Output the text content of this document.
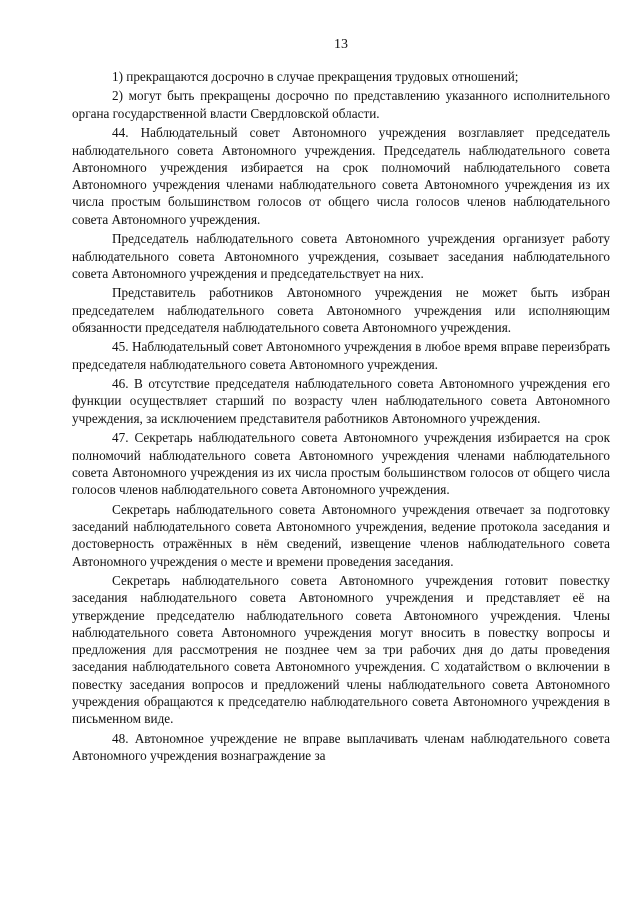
13

1) прекращаются досрочно в случае прекращения трудовых отношений;

2) могут быть прекращены досрочно по представлению указанного исполнительного органа государственной власти Свердловской области.

44. Наблюдательный совет Автономного учреждения возглавляет председатель наблюдательного совета Автономного учреждения. Председатель наблюдательного совета Автономного учреждения избирается на срок полномочий наблюдательного совета Автономного учреждения членами наблюдательного совета Автономного учреждения из их числа простым большинством голосов от общего числа голосов членов наблюдательного совета Автономного учреждения.

Председатель наблюдательного совета Автономного учреждения организует работу наблюдательного совета Автономного учреждения, созывает заседания наблюдательного совета Автономного учреждения и председательствует на них.

Представитель работников Автономного учреждения не может быть избран председателем наблюдательного совета Автономного учреждения или исполняющим обязанности председателя наблюдательного совета Автономного учреждения.

45. Наблюдательный совет Автономного учреждения в любое время вправе переизбрать председателя наблюдательного совета Автономного учреждения.

46. В отсутствие председателя наблюдательного совета Автономного учреждения его функции осуществляет старший по возрасту член наблюдательного совета Автономного учреждения, за исключением представителя работников Автономного учреждения.

47. Секретарь наблюдательного совета Автономного учреждения избирается на срок полномочий наблюдательного совета Автономного учреждения членами наблюдательного совета Автономного учреждения из их числа простым большинством голосов от общего числа голосов членов наблюдательного совета Автономного учреждения.

Секретарь наблюдательного совета Автономного учреждения отвечает за подготовку заседаний наблюдательного совета Автономного учреждения, ведение протокола заседания и достоверность отражённых в нём сведений, извещение членов наблюдательного совета Автономного учреждения о месте и времени проведения заседания.

Секретарь наблюдательного совета Автономного учреждения готовит повестку заседания наблюдательного совета Автономного учреждения и представляет её на утверждение председателю наблюдательного совета Автономного учреждения. Члены наблюдательного совета Автономного учреждения могут вносить в повестку вопросы и предложения для рассмотрения не позднее чем за три рабочих дня до даты проведения заседания наблюдательного совета Автономного учреждения. С ходатайством о включении в повестку заседания вопросов и предложений члены наблюдательного совета Автономного учреждения обращаются к председателю наблюдательного совета Автономного учреждения в письменном виде.

48. Автономное учреждение не вправе выплачивать членам наблюдательного совета Автономного учреждения вознаграждение за
